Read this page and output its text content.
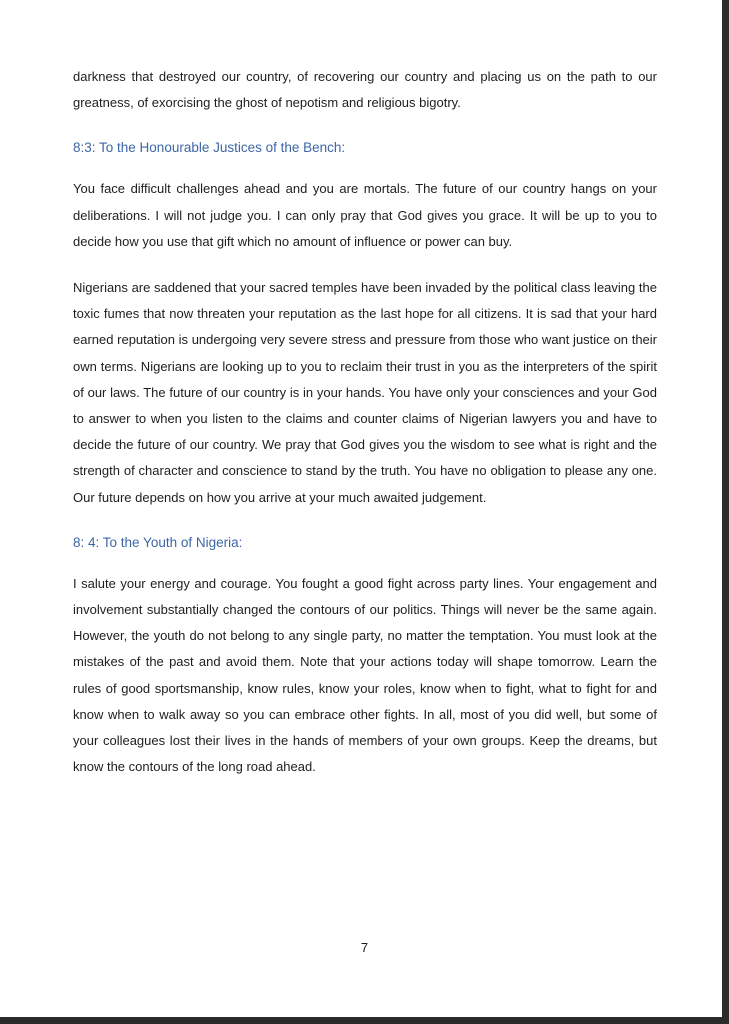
darkness that destroyed our country, of recovering our country and placing us on the path to our greatness, of exorcising the ghost of nepotism and religious bigotry.

8:3: To the Honourable Justices of the Bench:

You face difficult challenges ahead and you are mortals. The future of our country hangs on your deliberations. I will not judge you. I can only pray that God gives you grace. It will be up to you to decide how you use that gift which no amount of influence or power can buy.

Nigerians are saddened that your sacred temples have been invaded by the political class leaving the toxic fumes that now threaten your reputation as the last hope for all citizens. It is sad that your hard earned reputation is undergoing very severe stress and pressure from those who want justice on their own terms. Nigerians are looking up to you to reclaim their trust in you as the interpreters of the spirit of our laws. The future of our country is in your hands. You have only your consciences and your God to answer to when you listen to the claims and counter claims of Nigerian lawyers you and have to decide the future of our country. We pray that God gives you the wisdom to see what is right and the strength of character and conscience to stand by the truth. You have no obligation to please any one. Our future depends on how you arrive at your much awaited judgement.

8: 4: To the Youth of Nigeria:

I salute your energy and courage. You fought a good fight across party lines. Your engagement and involvement substantially changed the contours of our politics. Things will never be the same again. However, the youth do not belong to any single party, no matter the temptation. You must look at the mistakes of the past and avoid them. Note that your actions today will shape tomorrow. Learn the rules of good sportsmanship, know rules, know your roles, know when to fight, what to fight for and know when to walk away so you can embrace other fights. In all, most of you did well, but some of your colleagues lost their lives in the hands of members of your own groups. Keep the dreams, but know the contours of the long road ahead.

7
